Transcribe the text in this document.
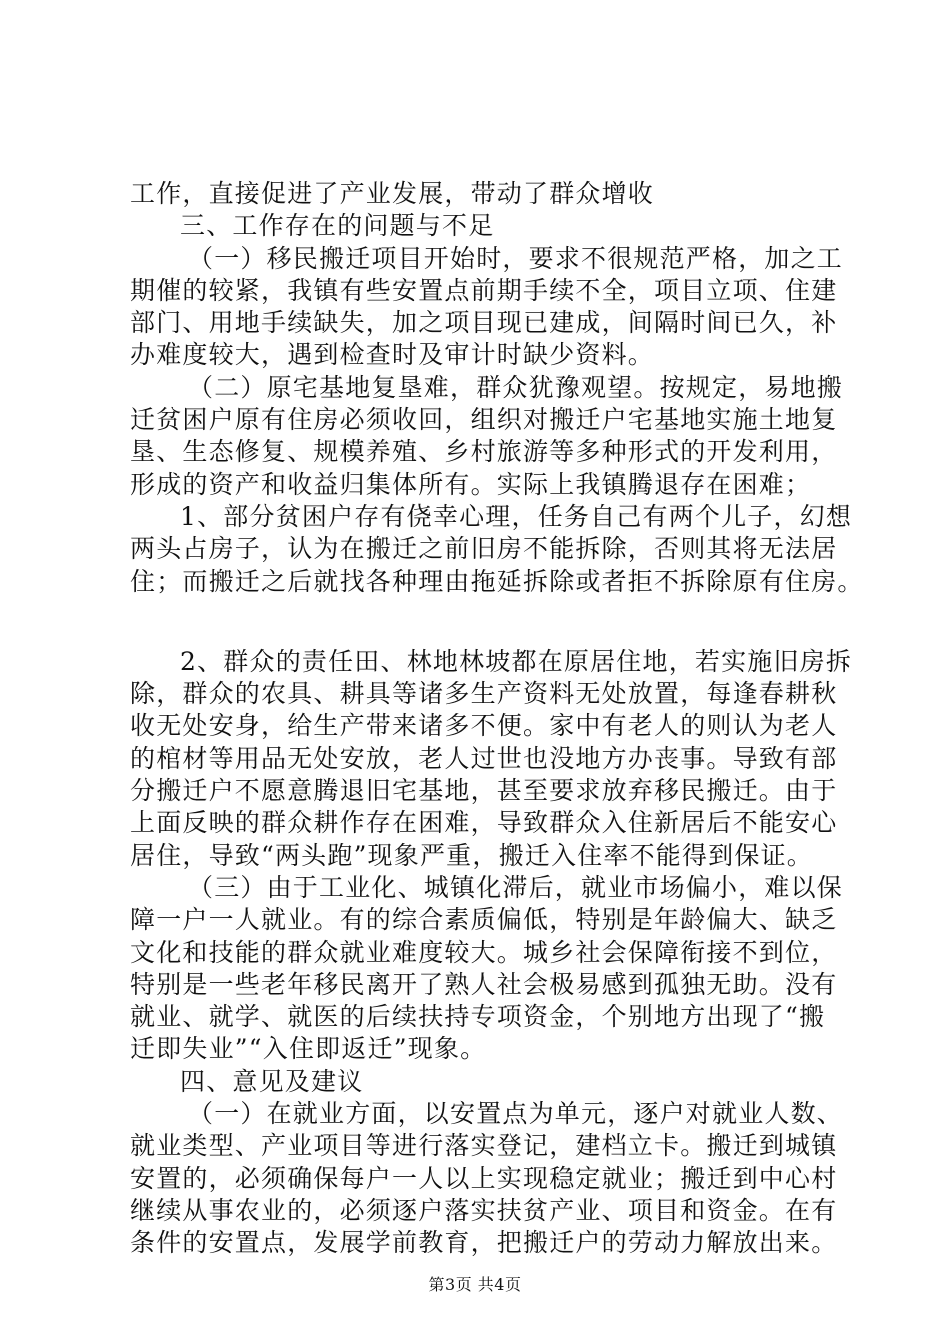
工作，直接促进了产业发展，带动了群众增收
三、工作存在的问题与不足
（一）移民搬迁项目开始时，要求不很规范严格，加之工
期催的较紧，我镇有些安置点前期手续不全，项目立项、住建
部门、用地手续缺失，加之项目现已建成，间隔时间已久，补
办难度较大，遇到检查时及审计时缺少资料。
（二）原宅基地复垦难，群众犹豫观望。按规定，易地搬
迁贫困户原有住房必须收回，组织对搬迁户宅基地实施土地复
垦、生态修复、规模养殖、乡村旅游等多种形式的开发利用，
形成的资产和收益归集体所有。实际上我镇腾退存在困难；
1、部分贫困户存有侥幸心理，任务自己有两个儿子，幻想
两头占房子，认为在搬迁之前旧房不能拆除，否则其将无法居
住；而搬迁之后就找各种理由拖延拆除或者拒不拆除原有住房。
2、群众的责任田、林地林坡都在原居住地，若实施旧房拆
除，群众的农具、耕具等诸多生产资料无处放置，每逢春耕秋
收无处安身，给生产带来诸多不便。家中有老人的则认为老人
的棺材等用品无处安放，老人过世也没地方办丧事。导致有部
分搬迁户不愿意腾退旧宅基地，甚至要求放弃移民搬迁。由于
上面反映的群众耕作存在困难，导致群众入住新居后不能安心
居住，导致“两头跑”现象严重，搬迁入住率不能得到保证。
（三）由于工业化、城镇化滞后，就业市场偏小，难以保
障一户一人就业。有的综合素质偏低，特别是年龄偏大、缺乏
文化和技能的群众就业难度较大。城乡社会保障衔接不到位，
特别是一些老年移民离开了熟人社会极易感到孤独无助。没有
就业、就学、就医的后续扶持专项资金，个别地方出现了“搬
迁即失业”“入住即返迁”现象。
四、意见及建议
（一）在就业方面，以安置点为单元，逐户对就业人数、
就业类型、产业项目等进行落实登记，建档立卡。搬迁到城镇
安置的，必须确保每户一人以上实现稳定就业；搬迁到中心村
继续从事农业的，必须逐户落实扶贫产业、项目和资金。在有
条件的安置点，发展学前教育，把搬迁户的劳动力解放出来。
第3页 共4页
